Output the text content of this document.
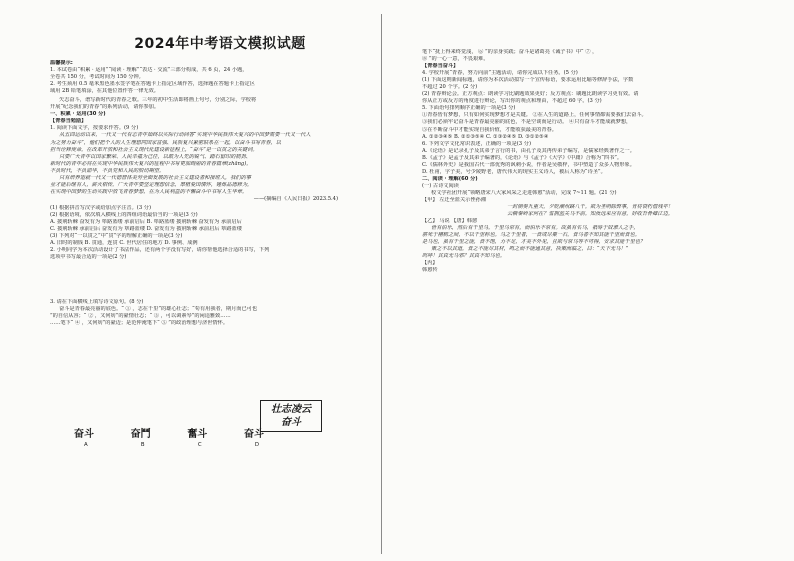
2024年中考语文模拟试题

温馨提示:

1. 本试卷由“积累 · 运用”“阅读 · 理解”“表达 · 交流”三部分构成，共 6 页，24 小题，

全卷共 150 分，考试时间为 150 分钟。

2. 考生须用 0.5 毫米黑色墨水签字笔在答题卡上指定区域作答，选择题在答题卡上指定区

域用 2B 铅笔填涂，在其他位置作答一律无效。

矢志奋斗，谱写新时代的青春之歌。三年的初中生活即将画上句号，分别之际，学校将

开展“纪念我们的青春”的系列活动，请你参加。

一、积累 · 运用(30 分)

【青春当勉励】

1. 阅读下面文字，按要求作答。(9 分)

从五四运动以来，一代又一代有志青年始终以实际行动回答“实现中华民族伟大复兴的中国梦需要一代又一代人

为之努力奋斗”，他们把个人的人生理想同国家富强、民族复兴紧密联系在一起，以奋斗书写青春，以

担当诠释使命。在改革开放和社会主义现代化建设新征程上，“奋斗”是一以贯之的关键词。

只要广大青年以国家繁荣、人民幸福为己任，以敢为人先的锐气、踏石留印的韧劲、

新时代的青年必将在实现中华民族伟大复兴的征程中书写更加绚丽的青春篇章(zhāng)，

不负时代，不负韶华，不负党和人民的殷切期望。

只有培养造就一代又一代德智体美劳全面发展的社会主义建设者和接班人，我们的事

业才能后继有人，薪火相传。广大青年要坚定理想信念，厚植爱国情怀，锤炼品德修为，

在实现中国梦的生动实践中放飞青春梦想，在为人民利益的不懈奋斗中书写人生华章。

——(摘编自《人民日报》2023.5.4)

(1) 根据拼音写汉字或给加点字注音。(3 分)

(2) 根据语境，依次填入横线上的四组词语最恰当的一项是(3 分)

A. 披荆斩棘 奋发有为 筚路蓝缕 承前启后 B. 筚路蓝缕 披荆斩棘 奋发有为 承前启后

C. 披荆斩棘 承前启后 奋发有为 筚路蓝缕 D. 奋发有为 披荆斩棘 承前启后 筚路蓝缕

(3) 下列对“一以贯之”中“贯”字的理解正确的一项是(3 分)

A. 旧时的制钱 B. 贯通，连贯 C. 世代居住的地方 D. 事例、成例

2. 小明同学为本次活动设计了书法作品，还有两个字没有写好，请你帮他选择合适的书写，下列

选项中书写最合适的一项是(2 分)

3. 请在下面横线上填写诗文原句。(8 分)

奋斗是青春最亮丽的底色。“ ① ，志在千里”的雄心壮志；“苟有用我者，期月而已可也

”的自信从容；“ ② ，又何妨”的豪情壮志；“ ③ ，可以调素琴”的闲适雅致……

……笔下“ ④ ，又何妨”的豪迈；是范仲淹笔下“ ⑤ ”的政治理想与济世情怀。

笔下“抚上得来终觉浅， ⑥ ”的亲身实践；奋斗是诸葛亮《诫子书》中“ ⑦ ，

⑧ ”的一心一意，不畏艰难。

【青春当奋斗】

4. 学校开展“青春，努力向前”主题活动，请你完成以下任务。(5 分)

(1) 下面这则新闻标题，请你为本次活动拟写一个宣传标语，要求运用比喻等修辞手法，字数

不超过 20 个字。(2 分)

(2) 青春辩论会。正方观点：朗读学习比刷题效果更好；反方观点：刷题比朗读学习更有效。请

你从正方或反方的角度进行辩论，写出你的观点和理由，不超过 60 字。(3 分)

5. 下面语句排列顺序正确的一项是(3 分)

①青春皆有梦想，只有如何实现梦想才是关键。 ②在人生的道路上，任何事情都需要我们去奋斗。

③我们必须牢记奋斗是青春最亮丽的底色，不是空谈而是行动。 ④只有奋斗才能成就梦想，

⑤在不断奋斗中才能实现自我价值，才能收获最美的青春。

A. ①②③④⑤ B. ②①③⑤④ C. ①③②④⑤ D. ③①②⑤④

6. 下列文学文化常识表述，正确的一项是(3 分)

A.《论语》是记录孔子及其弟子言行的书，由孔子及其再传弟子编写，是儒家经典著作之一。

B.《孟子》是孟子及其弟子编著的，《论语》与《孟子》《大学》《中庸》合称为“四书”。

C.《儒林外史》是我国古代一部优秀的讽刺小说，作者是吴敬梓，书中塑造了众多人物形象。

D. 杜甫，字子美，号少陵野老，唐代伟大的现实主义诗人，被后人称为“诗圣”。

二、阅读 · 理解(60 分)

(一) 古诗文阅读

校文学社团开展“领略唐宋八大家风采之走进韩愈”活动，完成 7~11 题。(21 分)

【甲】 左迁至蓝关示侄孙湘

一封朝奏九重天，夕贬潮州路八千。欲为圣明除弊事，肯将衰朽惜残年！

云横秦岭家何在？雪拥蓝关马不前。知汝远来应有意，好收吾骨瘴江边。

【乙】 马说 【唐】韩愈

世有伯乐，然后有千里马。千里马常有，而伯乐不常有。故虽有名马，祇辱于奴隶人之手，

骈死于槽枥之间，不以千里称也。马之千里者，一食或尽粟一石。食马者不知其能千里而食也。

是马也，虽有千里之能，食不饱，力不足，才美不外见，且欲与常马等不可得，安求其能千里也？

策之不以其道，食之不能尽其材，鸣之而不能通其意，执策而临之，曰：“天下无马！”

呜呼！其真无马邪？其真不知马也。

【丙】

韩愈传

奋斗	奋鬥	奮斗	奋斗
A	B	C	D
壮志凌云
奋斗
